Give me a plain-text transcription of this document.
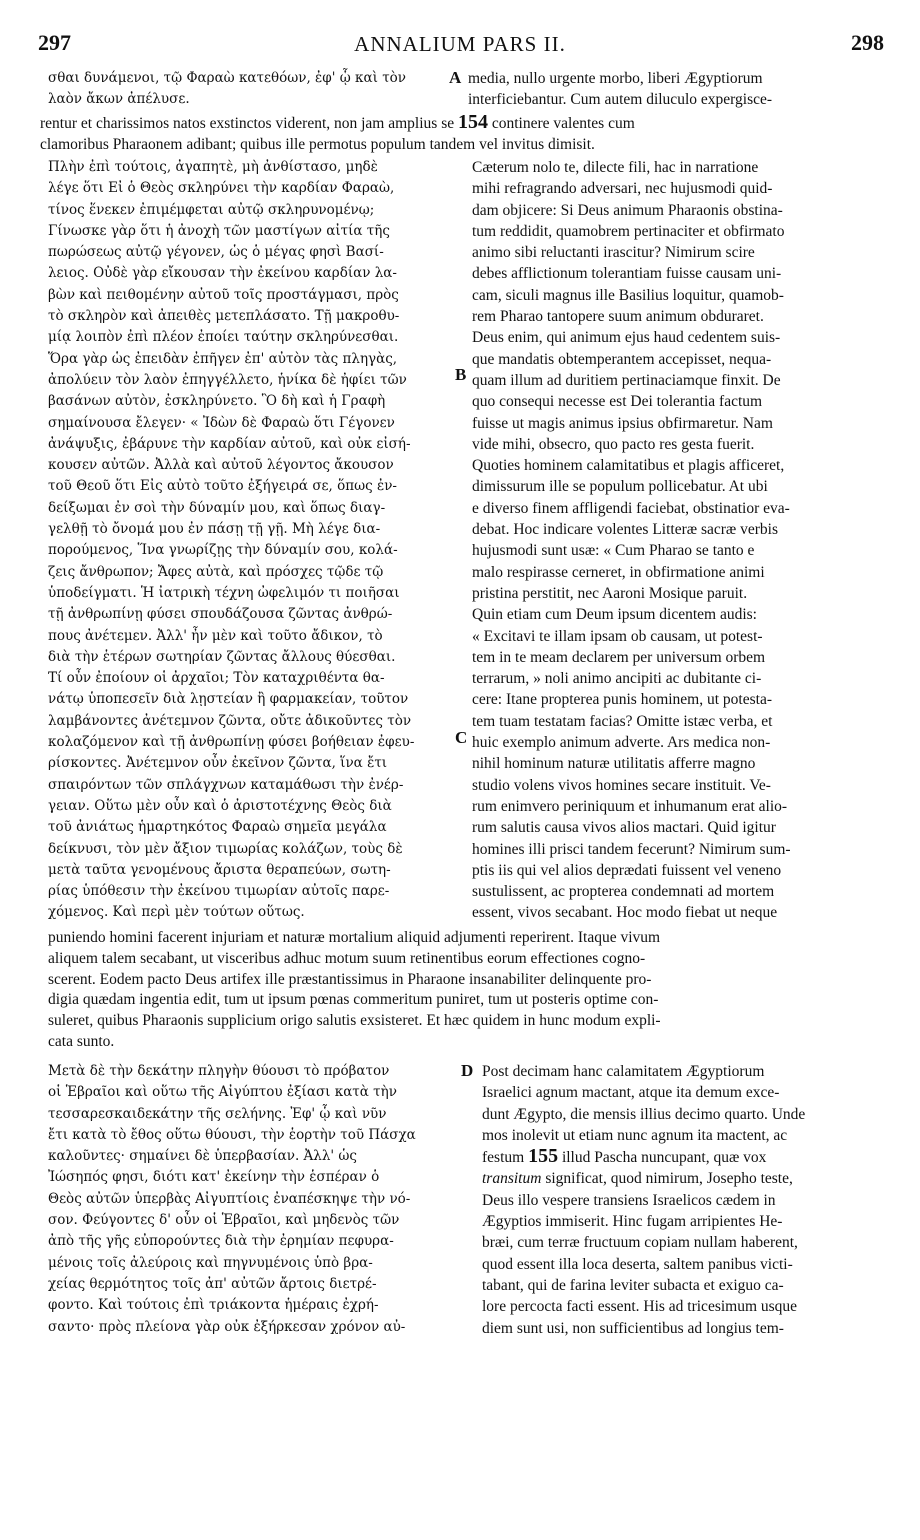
297	ANNALIUM PARS II.	298
σθαι δυνάμενοι, τῷ Φαραὼ κατεθόων, ἐφ' ᾧ καὶ τὸν
λαὸν ἄκων ἀπέλυσε.
A media, nullo urgente morbo, liberi Ægyptiorum
interficiebantur. Cum autem diluculo expergisce-
rentur et charissimos natos exstinctos viderent, non jam amplius se 154 continere valentes cum
clamoribus Pharaonem adibant; quibus ille permotus populum tandem vel invitus dimisit.
Πλὴν ἐπὶ τούτοις, ἀγαπητὲ, μὴ ἀνθίστασο, μηδὲ
λέγε ὅτι Εἰ ὁ Θεὸς σκληρύνει τὴν καρδίαν Φαραὼ,
τίνος ἕνεκεν ἐπιμέμφεται αὐτῷ σκληρυνομένῳ;
Γίνωσκε γὰρ ὅτι ἡ ἀνοχὴ τῶν μαστίγων αἰτία τῆς
πωρώσεως αὐτῷ γέγονεν, ὡς ὁ μέγας φησὶ Βασί-
λειος. Οὐδὲ γὰρ εἴκουσαν τὴν ἐκείνου καρδίαν λα-
βὼν καὶ πειθομένην αὐτοῦ τοῖς προστάγμασι, πρὸς
τὸ σκληρὸν καὶ ἀπειθὲς μετεπλάσατο. Τῇ μακροθυ-
μίᾳ λοιπὸν ἐπὶ πλέον ἐποίει ταύτην σκληρύνεσθαι.
Ὅρα γὰρ ὡς ἐπειδὰν ἐπῆγεν ἐπ' αὐτὸν τὰς πληγὰς,
ἀπολύειν τὸν λαὸν ἐπηγγέλλετο, ἡνίκα δὲ ἠφίει τῶν
βασάνων αὐτὸν, ἐσκληρύνετο. Ὃ δὴ καὶ ἡ Γραφὴ
σημαίνουσα ἔλεγεν· « Ἰδὼν δὲ Φαραὼ ὅτι Γέγονεν
ἀνάψυξις, ἐβάρυνε τὴν καρδίαν αὐτοῦ, καὶ οὐκ εἰσή-
κουσεν αὐτῶν. Ἀλλὰ καὶ αὐτοῦ λέγοντος ἄκουσον
τοῦ Θεοῦ ὅτι Εἰς αὐτὸ τοῦτο ἐξήγειρά σε, ὅπως ἐν-
δείξωμαι ἐν σοὶ τὴν δύναμίν μου, καὶ ὅπως διαγ-
γελθῇ τὸ ὄνομά μου ἐν πάσῃ τῇ γῇ. Μὴ λέγε δια-
πορούμενος, Ἵνα γνωρίζῃς τὴν δύναμίν σου, κολά-
ζεις ἄνθρωπον; Ἄφες αὐτὰ, καὶ πρόσχες τῷδε τῷ
ὑποδείγματι. Ἡ ἰατρικὴ τέχνη ὠφελιμόν τι ποιῆσαι
τῇ ἀνθρωπίνῃ φύσει σπουδάζουσα ζῶντας ἀνθρώ-
πους ἀνέτεμεν. Ἀλλ' ἦν μὲν καὶ τοῦτο ἄδικον, τὸ
διὰ τὴν ἑτέρων σωτηρίαν ζῶντας ἄλλους θύεσθαι.
Τί οὖν ἐποίουν οἱ ἀρχαῖοι; Τὸν καταχριθέντα θα-
νάτῳ ὑποπεσεῖν διὰ λῃστείαν ἢ φαρμακείαν, τοῦτον
λαμβάνοντες ἀνέτεμνον ζῶντα, οὔτε ἀδικοῦντες τὸν
κολαζόμενον καὶ τῇ ἀνθρωπίνῃ φύσει βοήθειαν ἐφευ-
ρίσκοντες. Ἀνέτεμνον οὖν ἐκεῖνον ζῶντα, ἵνα ἔτι
σπαιρόντων τῶν σπλάγχνων καταμάθωσι τὴν ἐνέρ-
γειαν. Οὕτω μὲν οὖν καὶ ὁ ἀριστοτέχνης Θεὸς διὰ
τοῦ ἀνιάτως ἡμαρτηκότος Φαραὼ σημεῖα μεγάλα
δείκνυσι, τὸν μὲν ἄξιον τιμωρίας κολάζων, τοὺς δὲ
μετὰ ταῦτα γενομένους ἄριστα θεραπεύων, σωτη-
ρίας ὑπόθεσιν τὴν ἐκείνου τιμωρίαν αὐτοῖς παρε-
χόμενος. Καὶ περὶ μὲν τούτων οὕτως.
B
C
Cæterum nolo te, dilecte fili, hac in narratione
mihi refragrando adversari, nec hujusmodi quid-
dam objicere: Si Deus animum Pharaonis obstina-
tum reddidit, quamobrem pertinaciter et obfirmato
animo sibi reluctanti irascitur? Nimirum scire
debes afflictionum tolerantiam fuisse causam uni-
cam, siculi magnus ille Basilius loquitur, quamob-
rem Pharao tantopere suum animum obduraret.
Deus enim, qui animum ejus haud cedentem suis-
que mandatis obtemperantem accepisset, nequa-
quam illum ad duritiem pertinaciamque finxit. De
quo consequi necesse est Dei tolerantia factum
fuisse ut magis animus ipsius obfirmaretur. Nam
vide mihi, obsecro, quo pacto res gesta fuerit.
Quoties hominem calamitatibus et plagis afficeret,
dimissurum ille se populum pollicebatur. At ubi
e diverso finem affligendi faciebat, obstinatior eva-
debat. Hoc indicare volentes Litteræ sacræ verbis
hujusmodi sunt usæ: « Cum Pharao se tanto e
malo respirasse cerneret, in obfirmatione animi
pristina perstitit, nec Aaroni Mosique paruit.
Quin etiam cum Deum ipsum dicentem audis:
« Excitavi te illam ipsam ob causam, ut potest-
tem in te meam declarem per universum orbem
terrarum, » noli animo ancipiti ac dubitante ci-
cere: Itane propterea punis hominem, ut potesta-
tem tuam testatam facias? Omitte istæc verba, et
huic exemplo animum adverte. Ars medica non-
nihil hominum naturæ utilitatis afferre magno
studio volens vivos homines secare instituit. Ve-
rum enimvero periniquum et inhumanum erat alio-
rum salutis causa vivos alios mactari. Quid igitur
homines illi prisci tandem fecerunt? Nimirum sum-
ptis iis qui vel alios deprædati fuissent vel veneno
sustulissent, ac propterea condemnati ad mortem
essent, vivos secabant. Hoc modo fiebat ut neque
puniendo homini facerent injuriam et naturæ mortalium aliquid adjumenti reperirent. Itaque vivum
aliquem talem secabant, ut visceribus adhuc motum suum retinentibus eorum effectiones cogno-
scerent. Eodem pacto Deus artifex ille præstantissimus in Pharaone insanabiliter delinquente pro-
digia quædam ingentia edit, tum ut ipsum pœnas commeritum puniret, tum ut posteris optime con-
suleret, quibus Pharaonis supplicium origo salutis exsisteret. Et hæc quidem in hunc modum expli-
cata sunto.
Μετὰ δὲ τὴν δεκάτην πληγὴν θύουσι τὸ πρόβατον
οἱ Ἑβραῖοι καὶ οὕτω τῆς Αἰγύπτου ἐξίασι κατὰ τὴν
τεσσαρεσκαιδεκάτην τῆς σελήνης. Ἐφ' ᾧ καὶ νῦν
ἔτι κατὰ τὸ ἔθος οὕτω θύουσι, τὴν ἑορτὴν τοῦ Πάσχα
καλοῦντες· σημαίνει δὲ ὑπερβασίαν. Ἀλλ' ὡς
Ἰώσηπός φησι, διότι κατ' ἐκείνην τὴν ἑσπέραν ὁ
Θεὸς αὐτῶν ὑπερβὰς Αἰγυπτίοις ἐναπέσκηψε τὴν νό-
σον. Φεύγοντες δ' οὖν οἱ Ἑβραῖοι, καὶ μηδενὸς τῶν
ἀπὸ τῆς γῆς εὐπορούντες διὰ τὴν ἐρημίαν πεφυρα-
μένοις τοῖς ἀλεύροις καὶ πηγνυμένοις ὑπὸ βρα-
χείας θερμότητος τοῖς ἀπ' αὐτῶν ἄρτοις διετρέ-
φοντο. Καὶ τούτοις ἐπὶ τριάκοντα ἡμέραις ἐχρή-
σαντο· πρὸς πλείονα γὰρ οὐκ ἐξήρκεσαν χρόνον αὐ-
D Post decimam hanc calamitatem Ægyptiorum
Israelici agnum mactant, atque ita demum exce-
dunt Ægypto, die mensis illius decimo quarto. Unde
mos inolevit ut etiam nunc agnum ita mactent, ac
festum 155 illud Pascha nuncupant, quæ vox
transitum significat, quod nimirum, Josepho teste,
Deus illo vespere transiens Israelicos cædem in
Ægyptios immiserit. Hinc fugam arripientes He-
bræi, cum terræ fructuum copiam nullam haberent,
quod essent illa loca deserta, saltem panibus victi-
tabant, qui de farina leviter subacta et exiguo ca-
lore percocta facti essent. His ad tricesimum usque
diem sunt usi, non sufficientibus ad longius tem-
